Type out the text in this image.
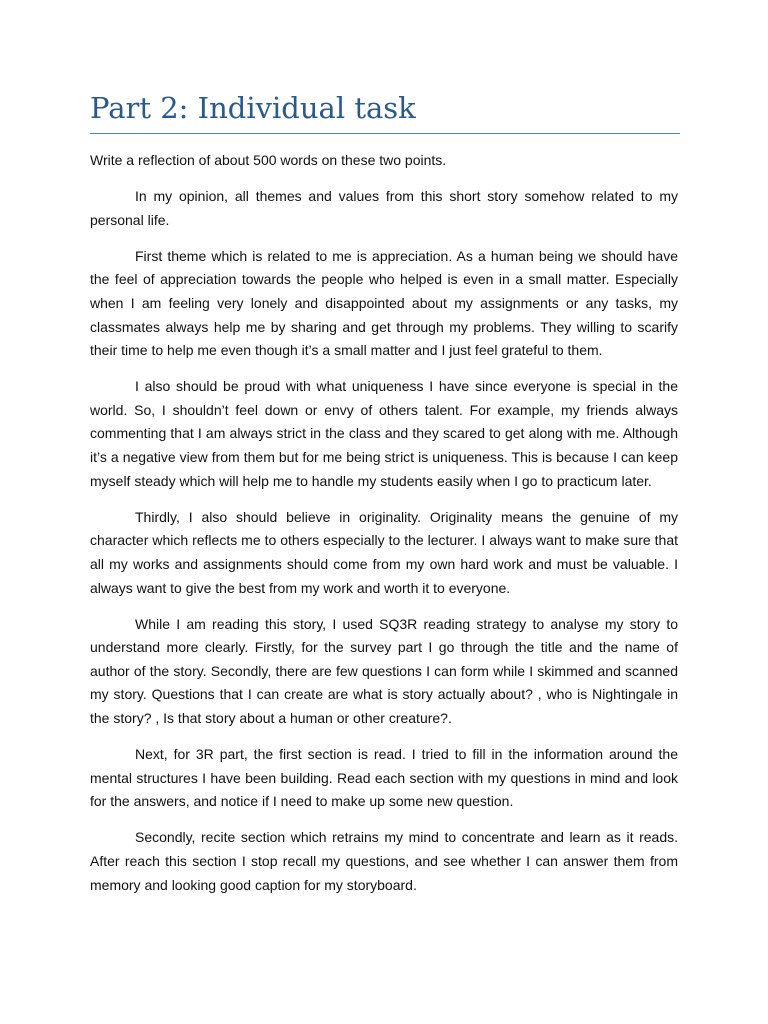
Part 2: Individual task

Write a reflection of about 500 words on these two points.

In my opinion, all themes and values from this short story somehow related to my personal life.

First theme which is related to me is appreciation. As a human being we should have the feel of appreciation towards the people who helped is even in a small matter. Especially when I am feeling very lonely and disappointed about my assignments or any tasks, my classmates always help me by sharing and get through my problems. They willing to scarify their time to help me even though it’s a small matter and I just feel grateful to them.

I also should be proud with what uniqueness I have since everyone is special in the world. So, I shouldn’t feel down or envy of others talent. For example, my friends always commenting that I am always strict in the class and they scared to get along with me. Although it’s a negative view from them but for me being strict is uniqueness. This is because I can keep myself steady which will help me to handle my students easily when I go to practicum later.

Thirdly, I also should believe in originality. Originality means the genuine of my character which reflects me to others especially to the lecturer. I always want to make sure that all my works and assignments should come from my own hard work and must be valuable. I always want to give the best from my work and worth it to everyone.

While I am reading this story, I used SQ3R reading strategy to analyse my story to understand more clearly. Firstly, for the survey part I go through the title and the name of author of the story. Secondly, there are few questions I can form while I skimmed and scanned my story. Questions that I can create are what is story actually about? , who is Nightingale in the story? , Is that story about a human or other creature?.

Next, for 3R part, the first section is read. I tried to fill in the information around the mental structures I have been building. Read each section with my questions in mind and look for the answers, and notice if I need to make up some new question.

Secondly, recite section which retrains my mind to concentrate and learn as it reads. After reach this section I stop recall my questions, and see whether I can answer them from memory and looking good caption for my storyboard.
